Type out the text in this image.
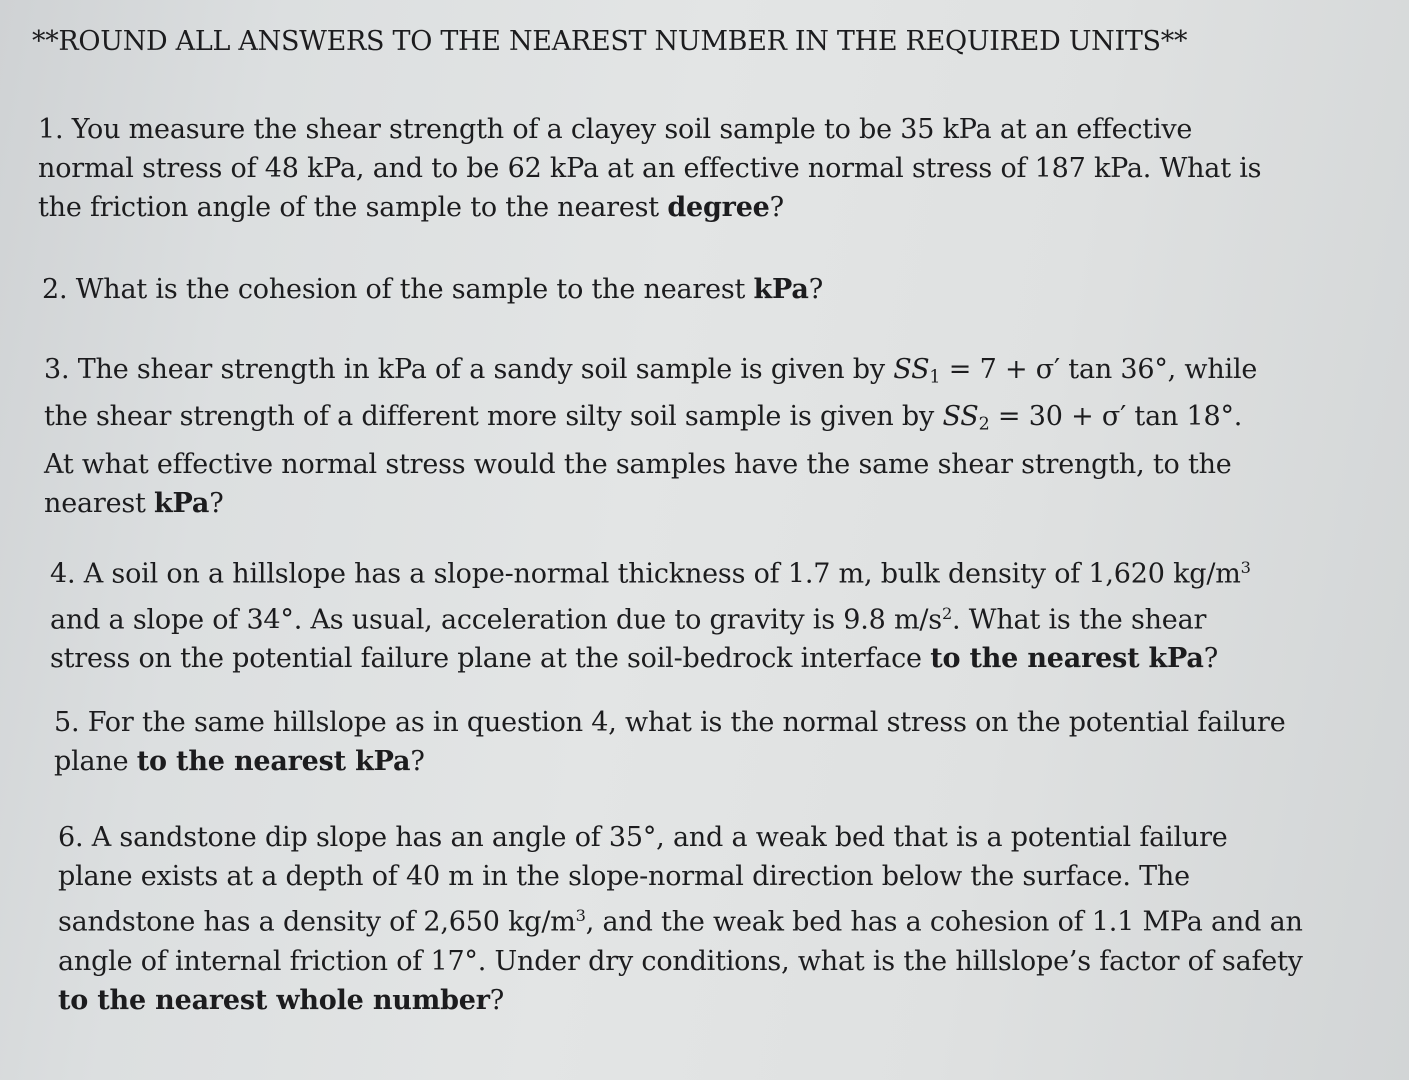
**ROUND ALL ANSWERS TO THE NEAREST NUMBER IN THE REQUIRED UNITS**
1. You measure the shear strength of a clayey soil sample to be 35 kPa at an effective
normal stress of 48 kPa, and to be 62 kPa at an effective normal stress of 187 kPa. What is
the friction angle of the sample to the nearest degree?
2. What is the cohesion of the sample to the nearest kPa?
3. The shear strength in kPa of a sandy soil sample is given by $SS_1 = 7 + \sigma'$ tan 36°, while
the shear strength of a different more silty soil sample is given by $SS_2 = 30 + \sigma'$ tan 18°.
At what effective normal stress would the samples have the same shear strength, to the
nearest kPa?
4. A soil on a hillslope has a slope-normal thickness of 1.7 m, bulk density of 1,620 $kg/m^3$
and a slope of 34°. As usual, acceleration due to gravity is 9.8 $m/s^2$. What is the shear
stress on the potential failure plane at the soil-bedrock interface to the nearest kPa?
5. For the same hillslope as in question 4, what is the normal stress on the potential failure
plane to the nearest kPa?
6. A sandstone dip slope has an angle of 35°, and a weak bed that is a potential failure
plane exists at a depth of 40 m in the slope-normal direction below the surface. The
sandstone has a density of 2,650 $kg/m^3$, and the weak bed has a cohesion of 1.1 MPa and an
angle of internal friction of 17°. Under dry conditions, what is the hillslope’s factor of safety
to the nearest whole number?
